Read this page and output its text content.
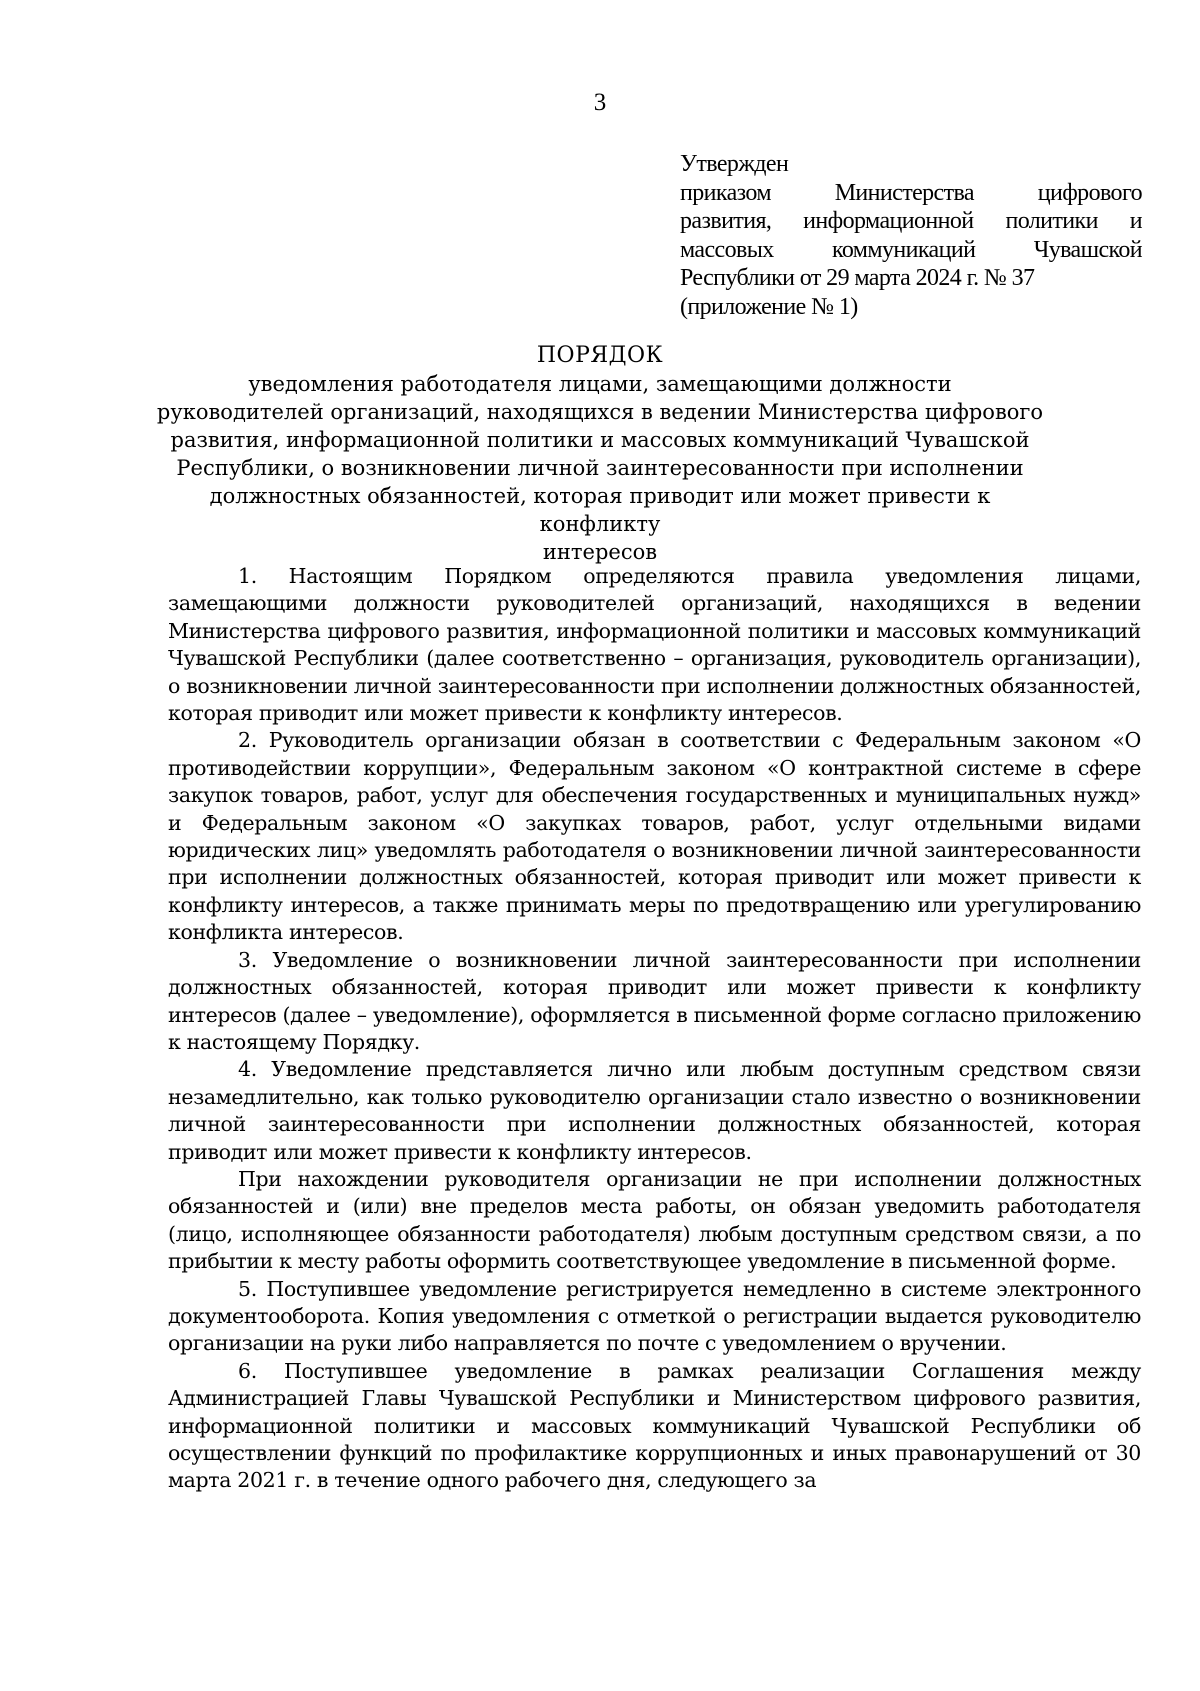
3
Утвержден
приказом Министерства цифрового
развития, информационной политики и
массовых коммуникаций Чувашской
Республики от 29 марта 2024 г. № 37
(приложение № 1)
ПОРЯДОК
уведомления работодателя лицами, замещающими должности
руководителей организаций, находящихся в ведении Министерства цифрового
развития, информационной политики и массовых коммуникаций Чувашской
Республики, о возникновении личной заинтересованности при исполнении
должностных обязанностей, которая приводит или может привести к конфликту
интересов

1. Настоящим Порядком определяются правила уведомления лицами, замещающими должности руководителей организаций, находящихся в ведении Министерства цифрового развития, информационной политики и массовых коммуникаций Чувашской Республики (далее соответственно – организация, руководитель организации), о возникновении личной заинтересованности при исполнении должностных обязанностей, которая приводит или может привести к конфликту интересов.

2. Руководитель организации обязан в соответствии с Федеральным законом «О противодействии коррупции», Федеральным законом «О контрактной системе в сфере закупок товаров, работ, услуг для обеспечения государственных и муниципальных нужд» и Федеральным законом «О закупках товаров, работ, услуг отдельными видами юридических лиц» уведомлять работодателя о возникновении личной заинтересованности при исполнении должностных обязанностей, которая приводит или может привести к конфликту интересов, а также принимать меры по предотвращению или урегулированию конфликта интересов.

3. Уведомление о возникновении личной заинтересованности при исполнении должностных обязанностей, которая приводит или может привести к конфликту интересов (далее – уведомление), оформляется в письменной форме согласно приложению к настоящему Порядку.

4. Уведомление представляется лично или любым доступным средством связи незамедлительно, как только руководителю организации стало известно о возникновении личной заинтересованности при исполнении должностных обязанностей, которая приводит или может привести к конфликту интересов.

При нахождении руководителя организации не при исполнении должностных обязанностей и (или) вне пределов места работы, он обязан уведомить работодателя (лицо, исполняющее обязанности работодателя) любым доступным средством связи, а по прибытии к месту работы оформить соответствующее уведомление в письменной форме.

5. Поступившее уведомление регистрируется немедленно в системе электронного документооборота. Копия уведомления с отметкой о регистрации выдается руководителю организации на руки либо направляется по почте с уведомлением о вручении.

6. Поступившее уведомление в рамках реализации Соглашения между Администрацией Главы Чувашской Республики и Министерством цифрового развития, информационной политики и массовых коммуникаций Чувашской Республики об осуществлении функций по профилактике коррупционных и иных правонарушений от 30 марта 2021 г. в течение одного рабочего дня, следующего за
